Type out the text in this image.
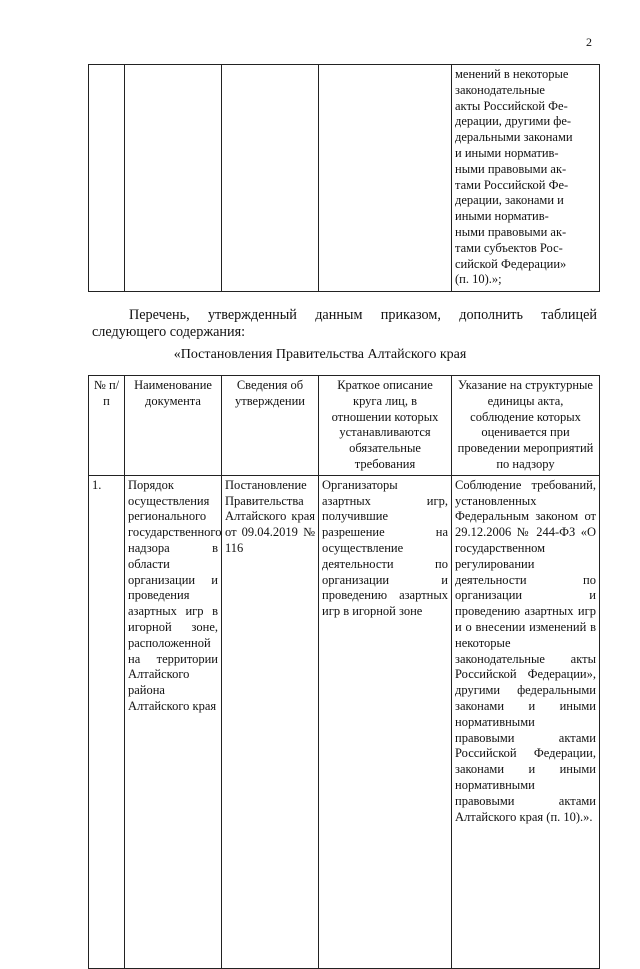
2

менений в некоторые
законодательные
акты Российской Фе-
дерации, другими фе-
деральными законами
и иными норматив-
ными правовыми ак-
тами Российской Фе-
дерации, законами и
иными норматив-
ными правовыми ак-
тами субъектов Рос-
сийской Федерации»
(п. 10).»;
Перечень, утвержденный данным приказом, дополнить таблицей следующего содержания:
«Постановления Правительства Алтайского края
№ п/п	Наименование документа	Сведения об утверждении	Краткое описание круга лиц, в отношении которых устанавливаются обязательные требования	Указание на структурные единицы акта, соблюдение которых оценивается при проведении мероприятий по надзору
1.	Порядок осуществления регионального государственного надзора в области организации и проведения азартных игр в игорной зоне, расположенной на территории Алтайского района Алтайского края	Постановление Правительства Алтайского края от 09.04.2019 № 116	Организаторы азартных игр, получившие разрешение на осуществление деятельности по организации и проведению азартных игр в игорной зоне	Соблюдение требований, установленных Федеральным законом от 29.12.2006 № 244-ФЗ «О государственном регулировании деятельности по организации и проведению азартных игр и о внесении изменений в некоторые законодательные акты Российской Федерации», другими федеральными законами и иными нормативными правовыми актами Российской Федерации, законами и иными нормативными правовыми актами Алтайского края (п. 10).».
